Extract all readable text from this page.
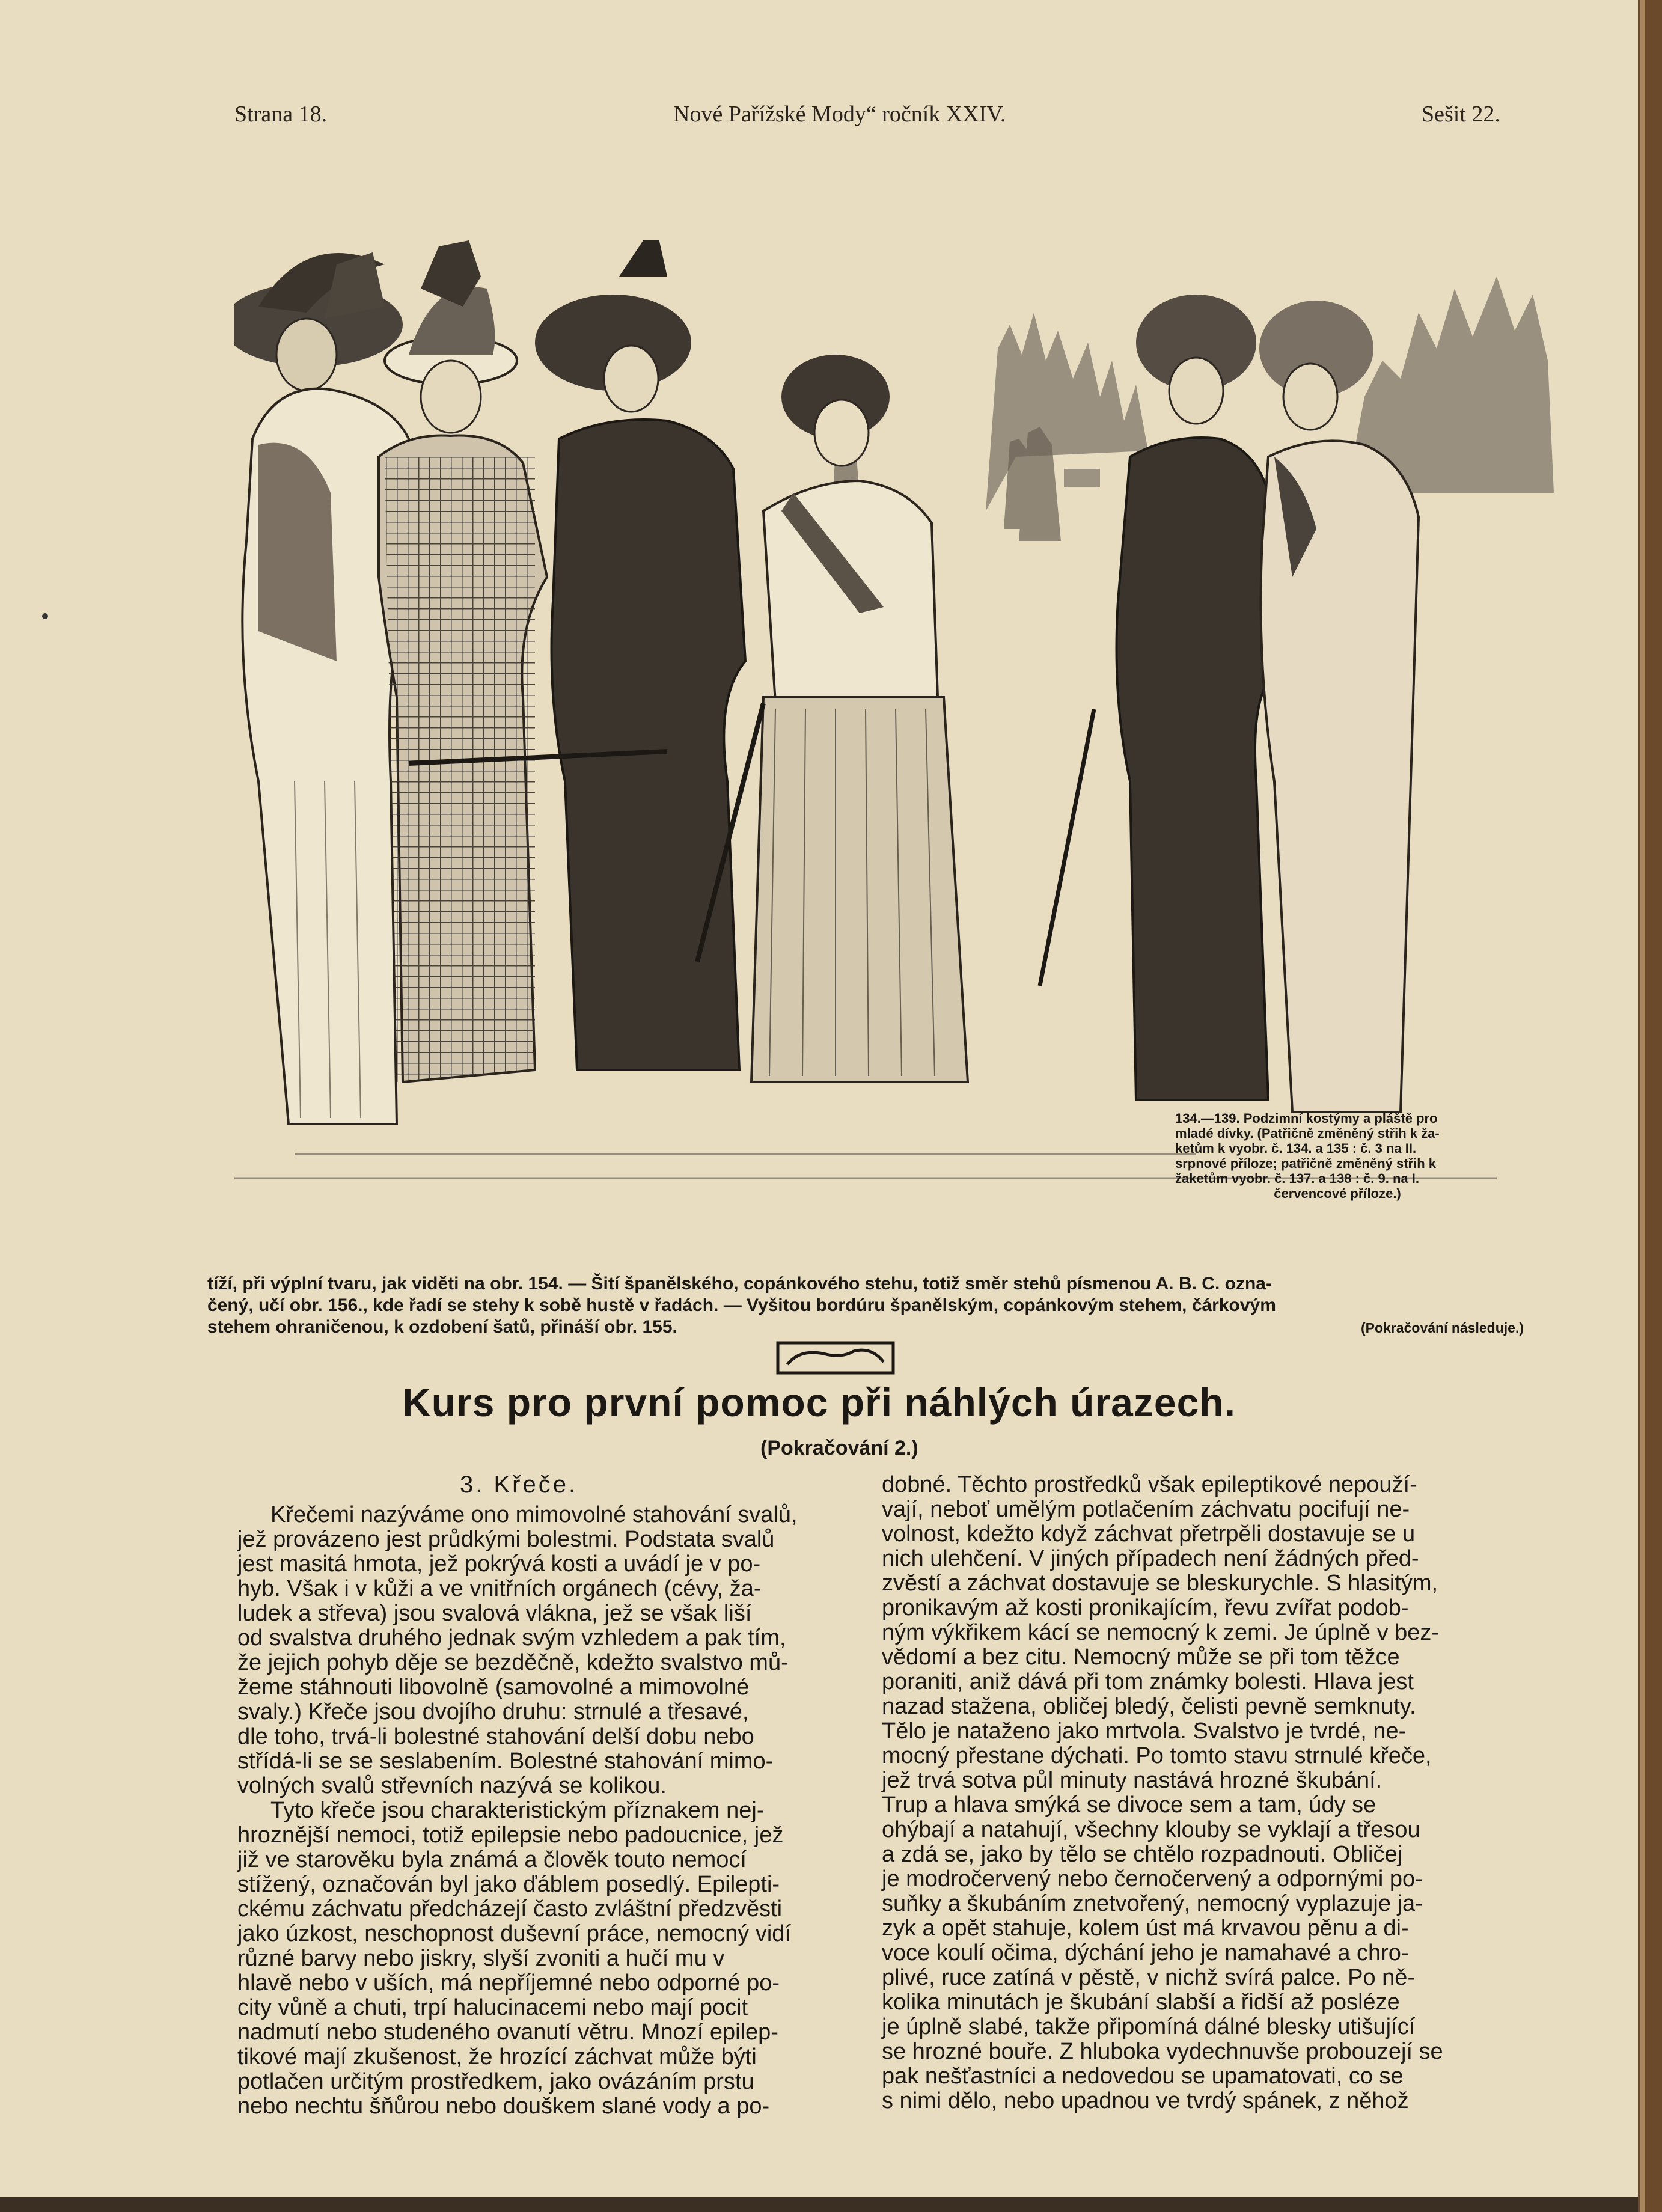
Strana 18.	Nové Pařížské Mody“ ročník XXIV.	Sešit 22.
134.—139. Podzimní kostýmy a pláště pro
mladé dívky. (Patřičně změněný střih k ža-
ketům k vyobr. č. 134. a 135 : č. 3 na II.
srpnové příloze; patřičně změněný střih k
žaketům vyobr. č. 137. a 138 : č. 9. na I.
červencové příloze.)
tíží, při výplní tvaru, jak viděti na obr. 154. — Šití španělského, copánkového stehu, totiž směr stehů písmenou A. B. C. ozna-
čený, učí obr. 156., kde řadí se stehy k sobě hustě v řadách. — Vyšitou bordúru španělským, copánkovým stehem, čárkovým
stehem ohraničenou, k ozdobení šatů, přináší obr. 155.	(Pokračování následuje.)
Kurs pro první pomoc při náhlých úrazech.
(Pokračování 2.)
3. Křeče.
Křečemi nazýváme ono mimovolné stahování svalů,
jež provázeno jest průdkými bolestmi. Podstata svalů
jest masitá hmota, jež pokrývá kosti a uvádí je v po-
hyb. Však i v kůži a ve vnitřních orgánech (cévy, ža-
ludek a střeva) jsou svalová vlákna, jež se však liší
od svalstva druhého jednak svým vzhledem a pak tím,
že jejich pohyb děje se bezděčně, kdežto svalstvo mů-
žeme stáhnouti libovolně (samovolné a mimovolné
svaly.) Křeče jsou dvojího druhu: strnulé a třesavé,
dle toho, trvá-li bolestné stahování delší dobu nebo
střídá-li se se seslabením. Bolestné stahování mimo-
volných svalů střevních nazývá se kolikou.
Tyto křeče jsou charakteristickým příznakem nej-
hroznější nemoci, totiž epilepsie nebo padoucnice, jež
již ve starověku byla známá a člověk touto nemocí
stížený, označován byl jako ďáblem posedlý. Epilepti-
ckému záchvatu předcházejí často zvláštní předzvěsti
jako úzkost, neschopnost duševní práce, nemocný vidí
různé barvy nebo jiskry, slyší zvoniti a hučí mu v
hlavě nebo v uších, má nepříjemné nebo odporné po-
city vůně a chuti, trpí halucinacemi nebo mají pocit
nadmutí nebo studeného ovanutí větru. Mnozí epilep-
tikové mají zkušenost, že hrozící záchvat může býti
potlačen určitým prostředkem, jako ovázáním prstu
nebo nechtu šňůrou nebo douškem slané vody a po-
dobné. Těchto prostředků však epileptikové nepouží-
vají, neboť umělým potlačením záchvatu pocifují ne-
volnost, kdežto když záchvat přetrpěli dostavuje se u
nich ulehčení. V jiných případech není žádných před-
zvěstí a záchvat dostavuje se bleskurychle. S hlasitým,
pronikavým až kosti pronikajícím, řevu zvířat podob-
ným výkřikem kácí se nemocný k zemi. Je úplně v bez-
vědomí a bez citu. Nemocný může se při tom těžce
poraniti, aniž dává při tom známky bolesti. Hlava jest
nazad stažena, obličej bledý, čelisti pevně semknuty.
Tělo je nataženo jako mrtvola. Svalstvo je tvrdé, ne-
mocný přestane dýchati. Po tomto stavu strnulé křeče,
jež trvá sotva půl minuty nastává hrozné škubání.
Trup a hlava smýká se divoce sem a tam, údy se
ohýbají a natahují, všechny klouby se vyklají a třesou
a zdá se, jako by tělo se chtělo rozpadnouti. Obličej
je modročervený nebo černočervený a odpornými po-
suňky a škubáním znetvořený, nemocný vyplazuje ja-
zyk a opět stahuje, kolem úst má krvavou pěnu a di-
voce koulí očima, dýchání jeho je namahavé a chro-
plivé, ruce zatíná v pěstě, v nichž svírá palce. Po ně-
kolika minutách je škubání slabší a řidší až posléze
je úplně slabé, takže připomíná dálné blesky utišující
se hrozné bouře. Z hluboka vydechnuvše probouzejí se
pak nešťastníci a nedovedou se upamatovati, co se
s nimi dělo, nebo upadnou ve tvrdý spánek, z něhož
